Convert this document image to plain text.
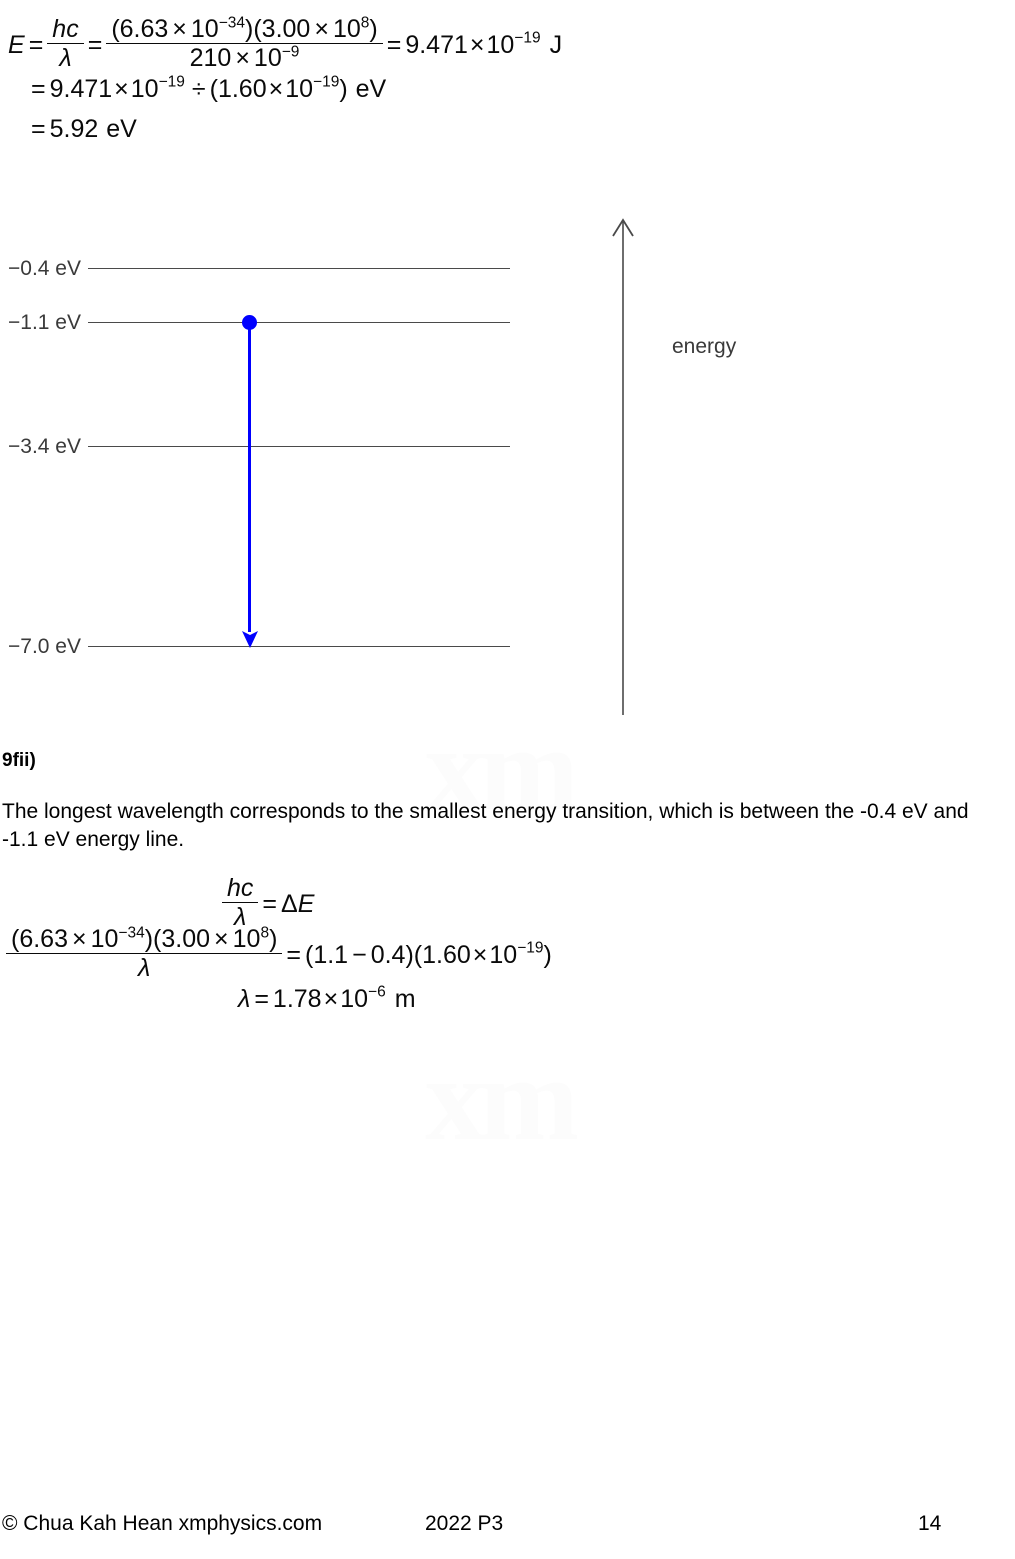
xm
xm
$E = \frac{hc}{\lambda} = \frac{(6.63 \times 10^{-34})(3.00 \times 10^8)}{210 \times 10^{-9}} = 9.471\times 10^{-19}$ J
= $9.471\times 10^{-19} \div (1.60\times 10^{-19})$ eV
= 5.92 eV
−0.4 eV
−1.1 eV
−3.4 eV
−7.0 eV
energy
9fii)
The longest wavelength corresponds to the smallest energy transition, which is between the -0.4 eV and -1.1 eV energy line.
$\frac{hc}{\lambda} = \Delta E$
$\frac{(6.63 \times 10^{-34})(3.00 \times 10^8)}{\lambda} = (1.1 - 0.4)(1.60\times 10^{-19})$
$\lambda = 1.78\times 10^{-6}$ m
© Chua Kah Hean xmphysics.com	2022 P3	14
